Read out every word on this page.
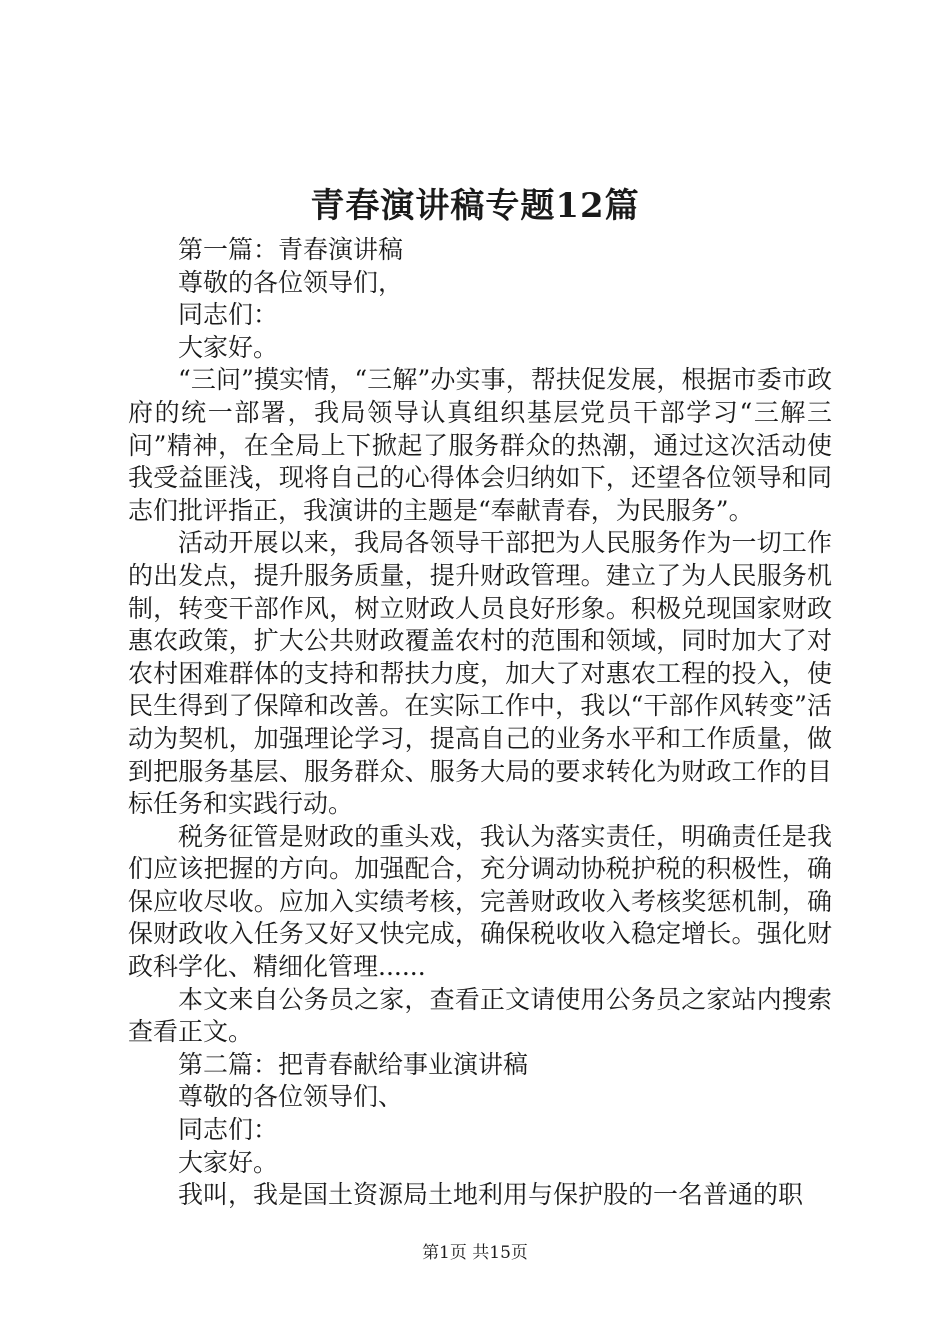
青春演讲稿专题12篇

第一篇：青春演讲稿

尊敬的各位领导们，

同志们：

大家好。

“三问”摸实情，“三解”办实事，帮扶促发展，根据市委市政府的统一部署，我局领导认真组织基层党员干部学习“三解三问”精神，在全局上下掀起了服务群众的热潮，通过这次活动使我受益匪浅，现将自己的心得体会归纳如下，还望各位领导和同志们批评指正，我演讲的主题是“奉献青春，为民服务”。

活动开展以来，我局各领导干部把为人民服务作为一切工作的出发点，提升服务质量，提升财政管理。建立了为人民服务机制，转变干部作风，树立财政人员良好形象。积极兑现国家财政惠农政策，扩大公共财政覆盖农村的范围和领域，同时加大了对农村困难群体的支持和帮扶力度，加大了对惠农工程的投入，使民生得到了保障和改善。在实际工作中，我以“干部作风转变”活动为契机，加强理论学习，提高自己的业务水平和工作质量，做到把服务基层、服务群众、服务大局的要求转化为财政工作的目标任务和实践行动。

税务征管是财政的重头戏，我认为落实责任，明确责任是我们应该把握的方向。加强配合，充分调动协税护税的积极性，确保应收尽收。应加入实绩考核，完善财政收入考核奖惩机制，确保财政收入任务又好又快完成，确保税收收入稳定增长。强化财政科学化、精细化管理......

本文来自公务员之家，查看正文请使用公务员之家站内搜索查看正文。

第二篇：把青春献给事业演讲稿

尊敬的各位领导们、

同志们：

大家好。

我叫，我是国土资源局土地利用与保护股的一名普通的职

第1页 共15页
